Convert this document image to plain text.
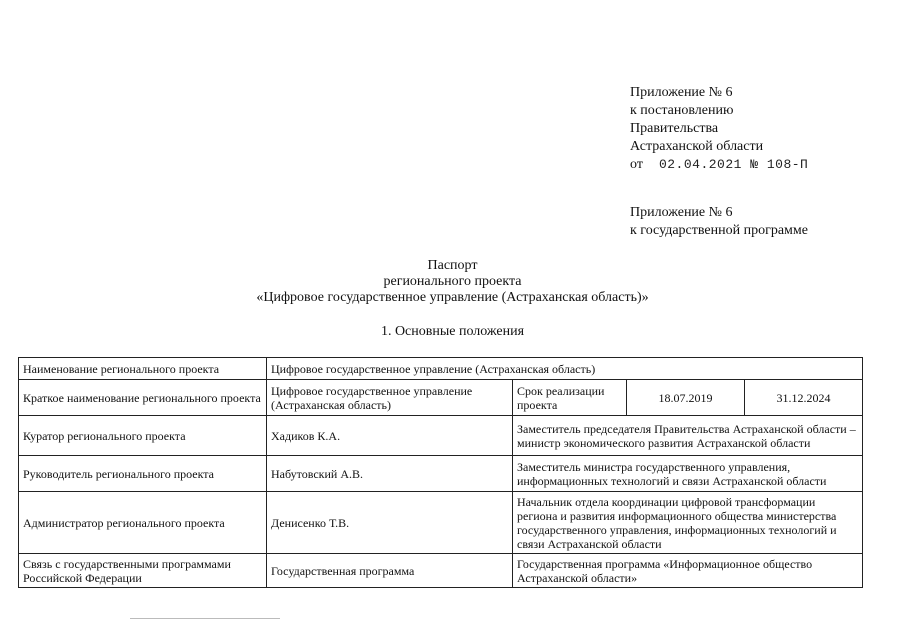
Приложение № 6
к постановлению
Правительства
Астраханской области
от 02.04.2021 № 108-П
Приложение № 6
к государственной программе
Паспорт
регионального проекта
«Цифровое государственное управление (Астраханская область)»
1. Основные положения
Наименование регионального проекта	Цифровое государственное управление (Астраханская область)			
Краткое наименование регионального проекта	Цифровое государственное управление (Астраханская область)	Срок реализации проекта	18.07.2019	31.12.2024
Куратор регионального проекта	Хадиков К.А.	Заместитель председателя Правительства Астраханской области – министр экономического развития Астраханской области		
Руководитель регионального проекта	Набутовский А.В.	Заместитель министра государственного управления, информационных технологий и связи Астраханской области		
Администратор регионального проекта	Денисенко Т.В.	Начальник отдела координации цифровой трансформации региона и развития информационного общества министерства государственного управления, информационных технологий и связи Астраханской области		
Связь с государственными программами Российской Федерации	Государственная программа	Государственная программа «Информационное общество Астраханской области»		
